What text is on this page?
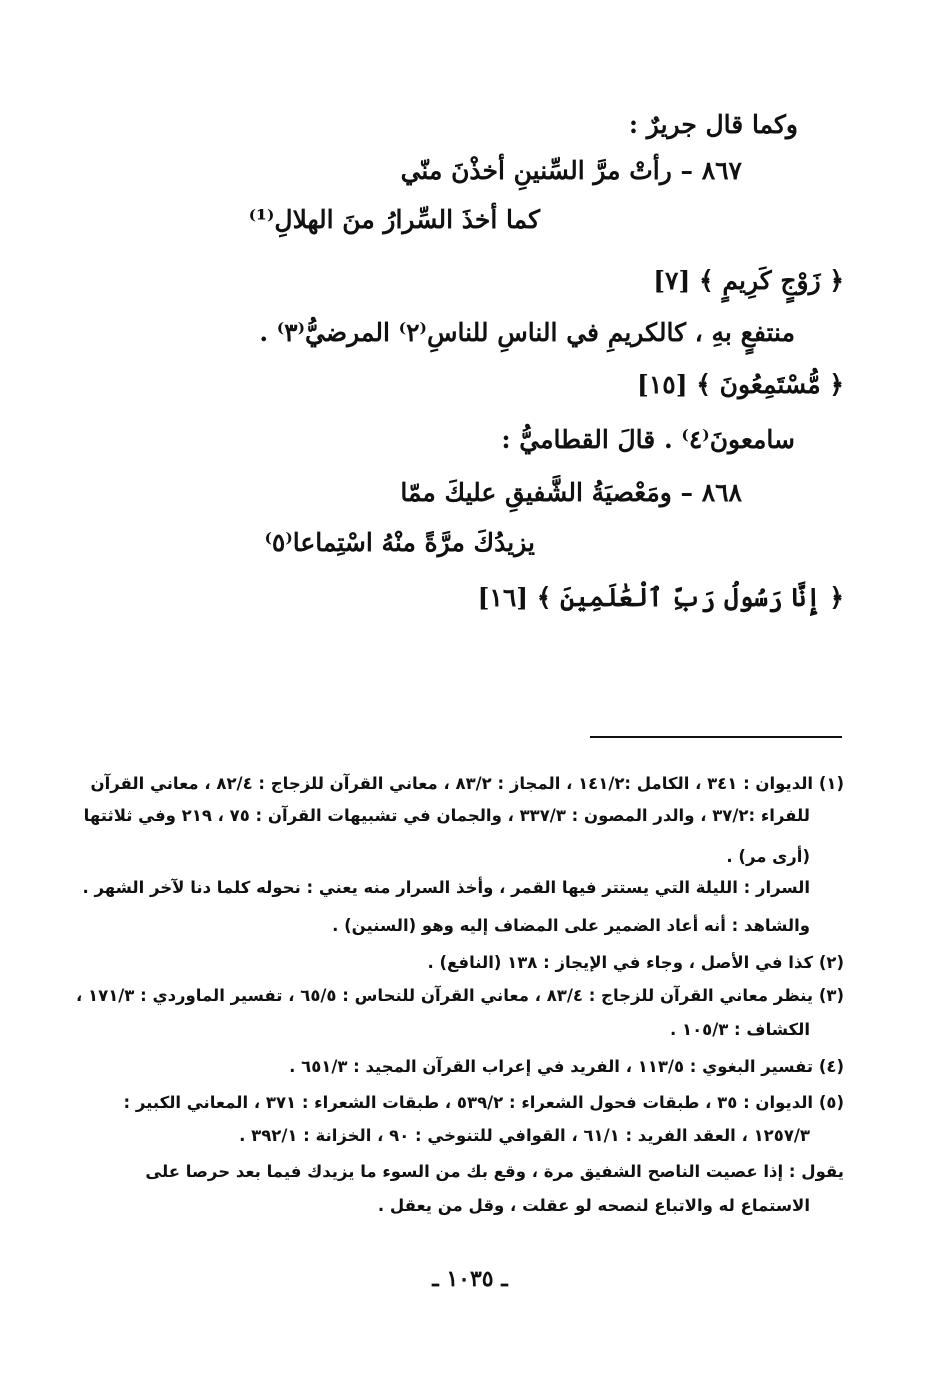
وكما قال جريرٌ :
٨٦٧ – رأتْ مرَّ السِّنينِ أخذْنَ منّي
كما أخذَ السِّرارُ منَ الهلالِ⁽¹⁾
﴿ زَوْجٍ كَرِيمٍ ﴾ [٧]
منتفعٍ بهِ ، كالكريمِ في الناسِ للناسِ⁽٢⁾ المرضيُّ⁽٣⁾ .
﴿ مُّسْتَمِعُونَ ﴾ [١٥]
سامعونَ⁽٤⁾ . قالَ القطاميُّ :
٨٦٨ – ومَعْصيَةُ الشَّفيقِ عليكَ ممّا
يزيدُكَ مرَّةً منْهُ اسْتِماعا⁽٥⁾
﴿ إِنَّا رَسُولُ رَبِّ ٱلْعَٰلَمِينَ ﴾ [١٦]
(١) الديوان : ٣٤١ ، الكامل :١٤١/٢ ، المجاز : ٨٣/٢ ، معاني القرآن للزجاج : ٨٢/٤ ، معاني القرآن
للفراء :٣٧/٢ ، والدر المصون : ٣٣٧/٣ ، والجمان في تشبيهات القرآن : ٧٥ ، ٢١٩ وفي ثلاثتها
(أرى مر) .
السرار : الليلة التي يستتر فيها القمر ، وأخذ السرار منه يعني : نحوله كلما دنا لآخر الشهر .
والشاهد : أنه أعاد الضمير على المضاف إليه وهو (السنين) .
(٢) كذا في الأصل ، وجاء في الإيجاز : ١٣٨ (النافع) .
(٣) ينظر معاني القرآن للزجاج : ٨٣/٤ ، معاني القرآن للنحاس : ٦٥/٥ ، تفسير الماوردي : ١٧١/٣ ،
الكشاف : ١٠٥/٣ .
(٤) تفسير البغوي : ١١٣/٥ ، الفريد في إعراب القرآن المجيد : ٦٥١/٣ .
(٥) الديوان : ٣٥ ، طبقات فحول الشعراء : ٥٣٩/٢ ، طبقات الشعراء : ٣٧١ ، المعاني الكبير :
١٢٥٧/٣ ، العقد الفريد : ٦١/١ ، القوافي للتنوخي : ٩٠ ، الخزانة : ٣٩٢/١ .
يقول : إذا عصيت الناصح الشفيق مرة ، وقع بك من السوء ما يزيدك فيما بعد حرصا على
الاستماع له والاتباع لنصحه لو عقلت ، وقل من يعقل .
ـ ١٠٣٥ ـ
